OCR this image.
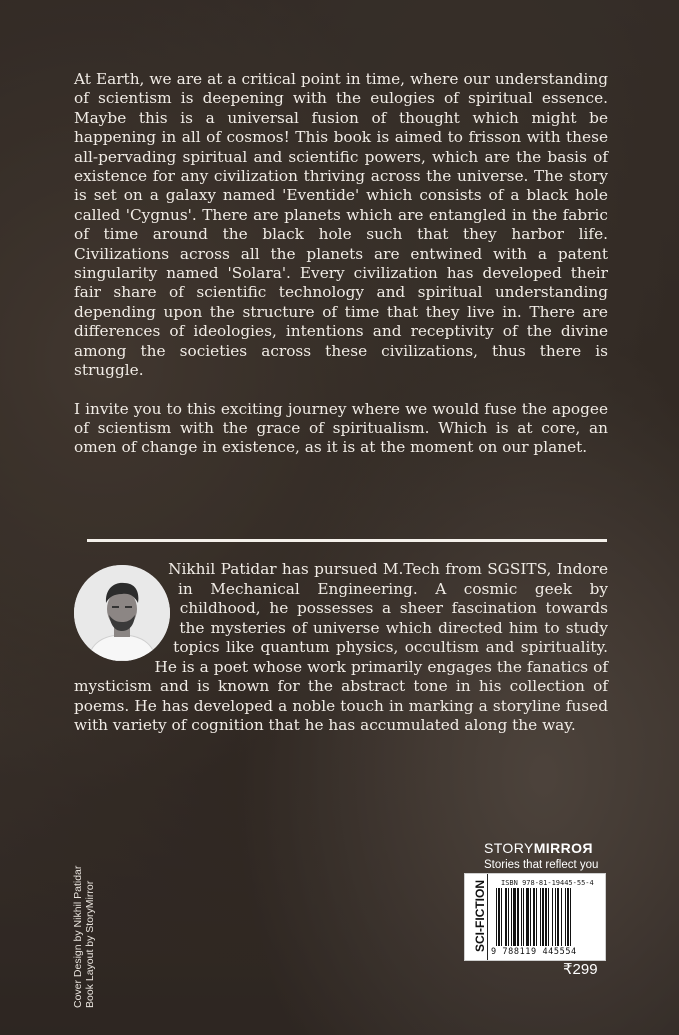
At Earth, we are at a critical point in time, where our understanding of scientism is deepening with the eulogies of spiritual essence. Maybe this is a universal fusion of thought which might be happening in all of cosmos! This book is aimed to frisson with these all-pervading spiritual and scientific powers, which are the basis of existence for any civilization thriving across the universe. The story is set on a galaxy named 'Eventide' which consists of a black hole called 'Cygnus'. There are planets which are entangled in the fabric of time around the black hole such that they harbor life. Civilizations across all the planets are entwined with a patent singularity named 'Solara'. Every civilization has developed their fair share of scientific technology and spiritual understanding depending upon the structure of time that they live in. There are differences of ideologies, intentions and receptivity of the divine among the societies across these civilizations, thus there is struggle.

I invite you to this exciting journey where we would fuse the apogee of scientism with the grace of spiritualism. Which is at core, an omen of change in existence, as it is at the moment on our planet.

Nikhil Patidar has pursued M.Tech from SGSITS, Indore in Mechanical Engineering. A cosmic geek by childhood, he possesses a sheer fascination towards the mysteries of universe which directed him to study topics like quantum physics, occultism and spirituality. He is a poet whose work primarily engages the fanatics of mysticism and is known for the abstract tone in his collection of poems. He has developed a noble touch in marking a storyline fused with variety of cognition that he has accumulated along the way.
Cover Design by Nikhil Patidar Book Layout by StoryMirror
STORYMIRROR
Stories that reflect you
SCI-FICTION ISBN 978-81-19445-55-4
9 788119 445554
₹299
